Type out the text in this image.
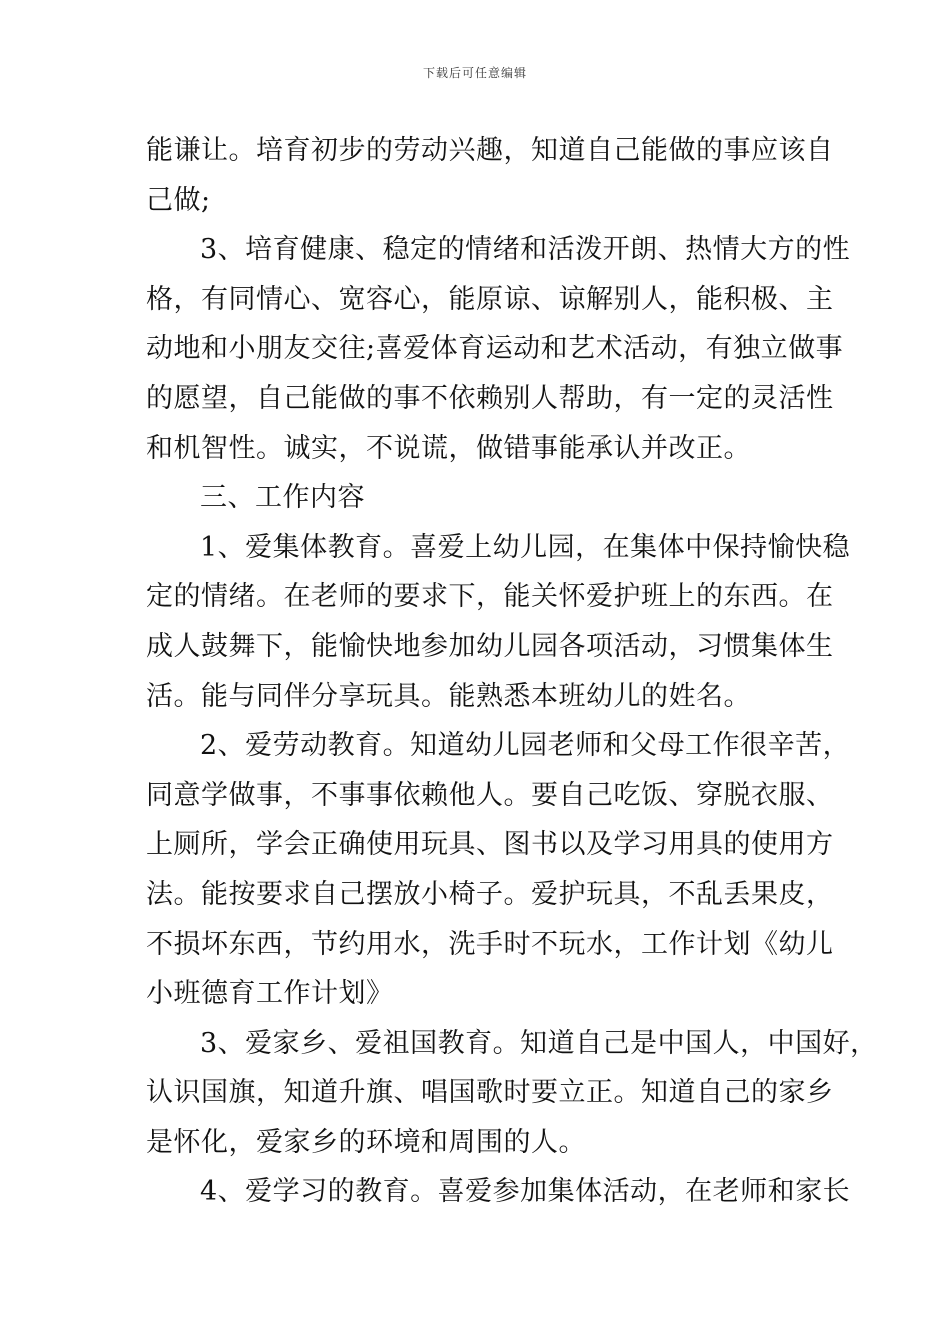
下载后可任意编辑
能谦让。培育初步的劳动兴趣，知道自己能做的事应该自
己做;
3、培育健康、稳定的情绪和活泼开朗、热情大方的性
格，有同情心、宽容心，能原谅、谅解别人，能积极、主
动地和小朋友交往;喜爱体育运动和艺术活动，有独立做事
的愿望，自己能做的事不依赖别人帮助，有一定的灵活性
和机智性。诚实，不说谎，做错事能承认并改正。
三、工作内容
1、爱集体教育。喜爱上幼儿园，在集体中保持愉快稳
定的情绪。在老师的要求下，能关怀爱护班上的东西。在
成人鼓舞下，能愉快地参加幼儿园各项活动，习惯集体生
活。能与同伴分享玩具。能熟悉本班幼儿的姓名。
2、爱劳动教育。知道幼儿园老师和父母工作很辛苦，
同意学做事，不事事依赖他人。要自己吃饭、穿脱衣服、
上厕所，学会正确使用玩具、图书以及学习用具的使用方
法。能按要求自己摆放小椅子。爱护玩具，不乱丢果皮，
不损坏东西，节约用水，洗手时不玩水，工作计划《幼儿
小班德育工作计划》
3、爱家乡、爱祖国教育。知道自己是中国人，中国好，
认识国旗，知道升旗、唱国歌时要立正。知道自己的家乡
是怀化，爱家乡的环境和周围的人。
4、爱学习的教育。喜爱参加集体活动，在老师和家长
